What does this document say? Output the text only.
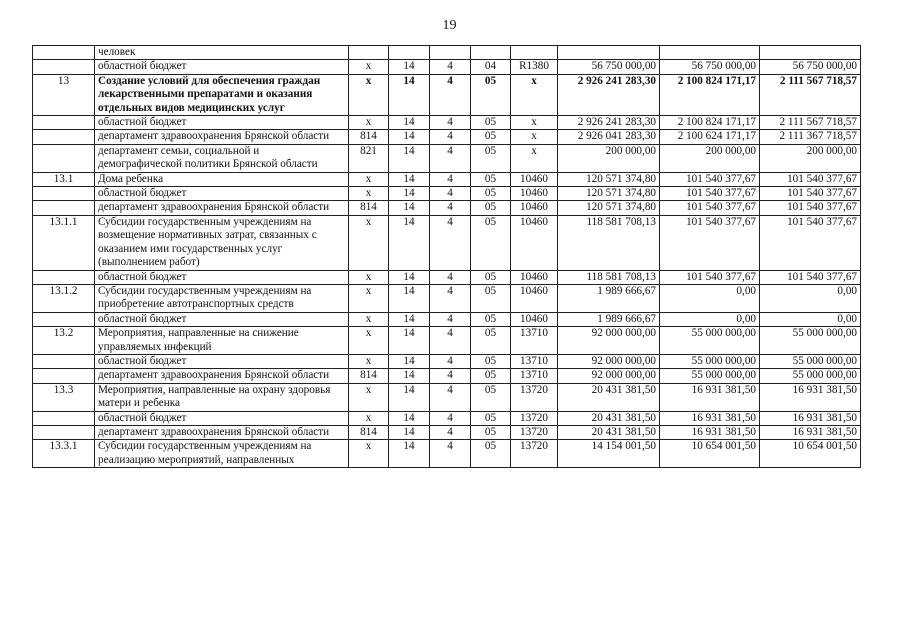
19
	человек								
	областной бюджет	x	14	4	04	R1380	56 750 000,00	56 750 000,00	56 750 000,00
13	Создание условий для обеспечения граждан лекарственными препаратами и оказания отдельных видов медицинских услуг	x	14	4	05	x	2 926 241 283,30	2 100 824 171,17	2 111 567 718,57
	областной бюджет	x	14	4	05	x	2 926 241 283,30	2 100 824 171,17	2 111 567 718,57
	департамент здравоохранения Брянской области	814	14	4	05	x	2 926 041 283,30	2 100 624 171,17	2 111 367 718,57
	департамент семьи, социальной и демографической политики Брянской области	821	14	4	05	x	200 000,00	200 000,00	200 000,00
13.1	Дома ребенка	x	14	4	05	10460	120 571 374,80	101 540 377,67	101 540 377,67
	областной бюджет	x	14	4	05	10460	120 571 374,80	101 540 377,67	101 540 377,67
	департамент здравоохранения Брянской области	814	14	4	05	10460	120 571 374,80	101 540 377,67	101 540 377,67
13.1.1	Субсидии государственным учреждениям на возмещение нормативных затрат, связанных с оказанием ими государственных услуг (выполнением работ)	x	14	4	05	10460	118 581 708,13	101 540 377,67	101 540 377,67
	областной бюджет	x	14	4	05	10460	118 581 708,13	101 540 377,67	101 540 377,67
13.1.2	Субсидии государственным учреждениям на приобретение автотранспортных средств	x	14	4	05	10460	1 989 666,67	0,00	0,00
	областной бюджет	x	14	4	05	10460	1 989 666,67	0,00	0,00
13.2	Мероприятия, направленные на снижение управляемых инфекций	x	14	4	05	13710	92 000 000,00	55 000 000,00	55 000 000,00
	областной бюджет	x	14	4	05	13710	92 000 000,00	55 000 000,00	55 000 000,00
	департамент здравоохранения Брянской области	814	14	4	05	13710	92 000 000,00	55 000 000,00	55 000 000,00
13.3	Мероприятия, направленные на охрану здоровья матери и ребенка	x	14	4	05	13720	20 431 381,50	16 931 381,50	16 931 381,50
	областной бюджет	x	14	4	05	13720	20 431 381,50	16 931 381,50	16 931 381,50
	департамент здравоохранения Брянской области	814	14	4	05	13720	20 431 381,50	16 931 381,50	16 931 381,50
13.3.1	Субсидии государственным учреждениям на реализацию мероприятий, направленных	x	14	4	05	13720	14 154 001,50	10 654 001,50	10 654 001,50
